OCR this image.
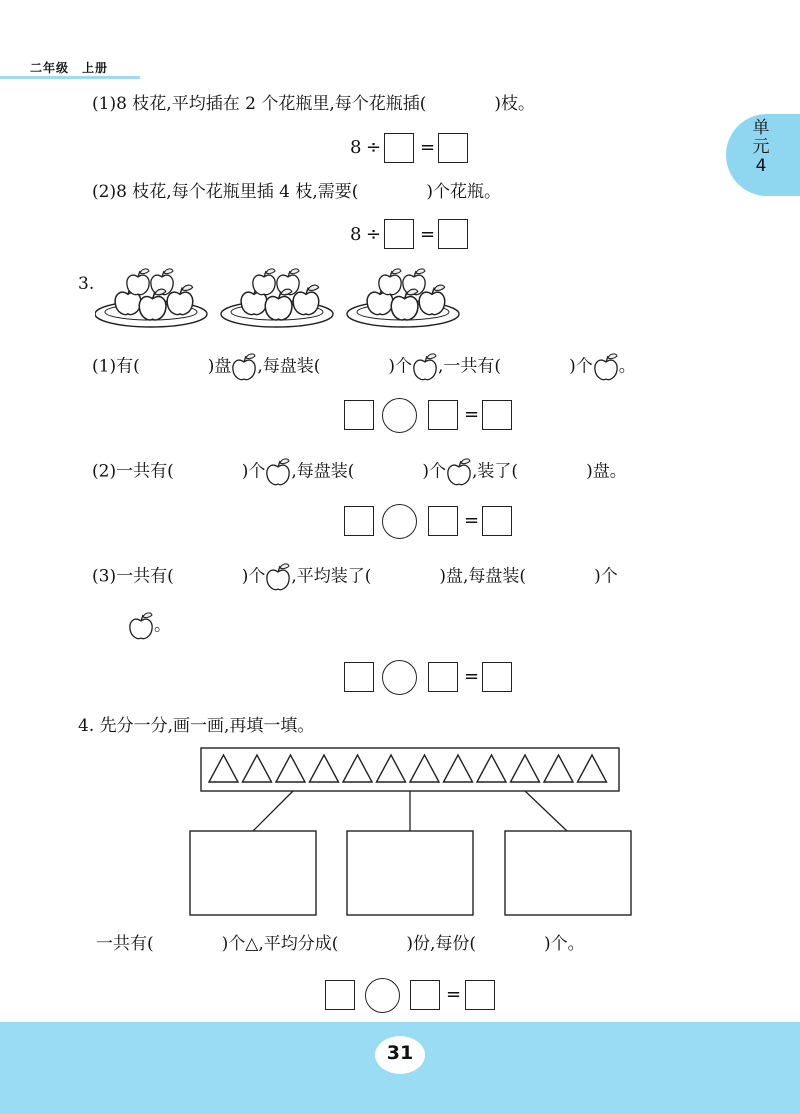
二年级　上册
单
元
4
(1)8 枝花,平均插在 2 个花瓶里,每个花瓶插(　　　　)枝。
8 ÷ =
(2)8 枝花,每个花瓶里插 4 枝,需要(　　　　)个花瓶。
8 ÷ =
3.
(1)有(　　　　)盘 ,每盘装(　　　　)个 ,一共有(　　　　)个 。
=
(2)一共有(　　　　)个 ,每盘装(　　　　)个 ,装了(　　　　)盘。
=
(3)一共有(　　　　)个 ,平均装了(　　　　)盘,每盘装(　　　　)个
。
=
4. 先分一分,画一画,再填一填。
一共有(　　　　)个△,平均分成(　　　　)份,每份(　　　　)个。
=
31
